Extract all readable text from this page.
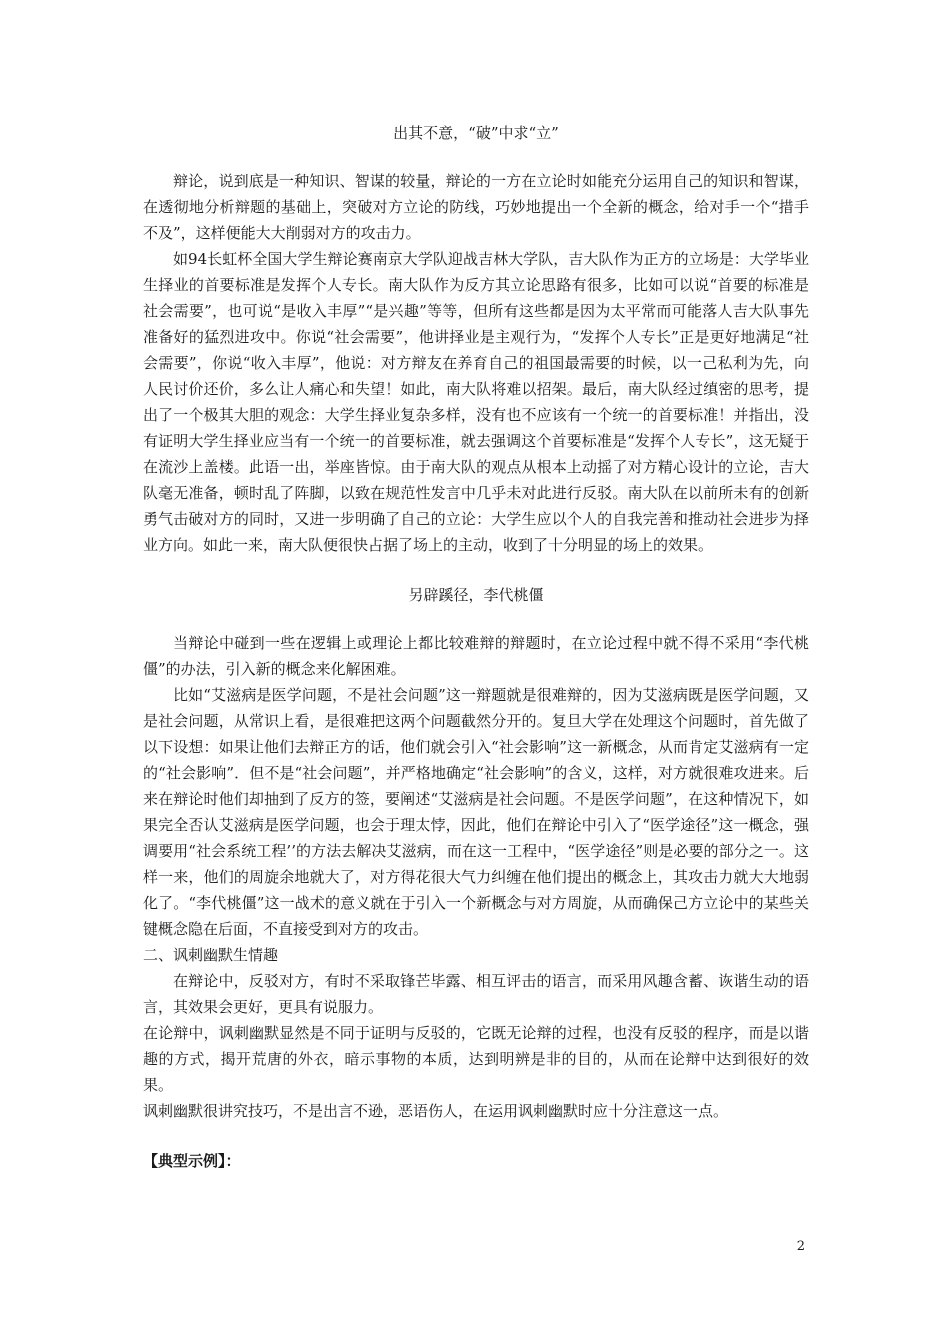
出其不意，“破”中求“立”

辩论，说到底是一种知识、智谋的较量，辩论的一方在立论时如能充分运用自己的知识和智谋，在透彻地分析辩题的基础上，突破对方立论的防线，巧妙地提出一个全新的概念，给对手一个“措手不及”，这样便能大大削弱对方的攻击力。

如94长虹杯全国大学生辩论赛南京大学队迎战吉林大学队，吉大队作为正方的立场是：大学毕业生择业的首要标准是发挥个人专长。南大队作为反方其立论思路有很多，比如可以说“首要的标准是社会需要”，也可说“是收入丰厚”“是兴趣”等等，但所有这些都是因为太平常而可能落人吉大队事先准备好的猛烈进攻中。你说“社会需要”，他讲择业是主观行为，“发挥个人专长”正是更好地满足“社会需要”，你说“收入丰厚”，他说：对方辩友在养育自己的祖国最需要的时候，以一己私利为先，向人民讨价还价，多么让人痛心和失望！如此，南大队将难以招架。最后，南大队经过缜密的思考，提出了一个极其大胆的观念：大学生择业复杂多样，没有也不应该有一个统一的首要标准！并指出，没有证明大学生择业应当有一个统一的首要标准，就去强调这个首要标准是“发挥个人专长”，这无疑于在流沙上盖楼。此语一出，举座皆惊。由于南大队的观点从根本上动摇了对方精心设计的立论，吉大队毫无准备，顿时乱了阵脚，以致在规范性发言中几乎未对此进行反驳。南大队在以前所未有的创新勇气击破对方的同时，又进一步明确了自己的立论：大学生应以个人的自我完善和推动社会进步为择业方向。如此一来，南大队便很快占据了场上的主动，收到了十分明显的场上的效果。

另辟蹊径，李代桃僵

当辩论中碰到一些在逻辑上或理论上都比较难辩的辩题时，在立论过程中就不得不采用“李代桃僵”的办法，引入新的概念来化解困难。

比如“艾滋病是医学问题，不是社会问题”这一辩题就是很难辩的，因为艾滋病既是医学问题，又是社会问题，从常识上看，是很难把这两个问题截然分开的。复旦大学在处理这个问题时，首先做了以下设想：如果让他们去辩正方的话，他们就会引入“社会影响”这一新概念，从而肯定艾滋病有一定的“社会影响”．但不是“社会问题”，并严格地确定“社会影响”的含义，这样，对方就很难攻进来。后来在辩论时他们却抽到了反方的签，要阐述“艾滋病是社会问题。不是医学问题”，在这种情况下，如果完全否认艾滋病是医学问题，也会于理太悖，因此，他们在辩论中引入了“医学途径”这一概念，强调要用“社会系统工程’’的方法去解决艾滋病，而在这一工程中，“医学途径”则是必要的部分之一。这样一来，他们的周旋余地就大了，对方得花很大气力纠缠在他们提出的概念上，其攻击力就大大地弱化了。“李代桃僵”这一战术的意义就在于引入一个新概念与对方周旋，从而确保己方立论中的某些关键概念隐在后面，不直接受到对方的攻击。

二、讽刺幽默生情趣

在辩论中，反驳对方，有时不采取锋芒毕露、相互评击的语言，而采用风趣含蓄、诙谐生动的语言，其效果会更好，更具有说服力。

在论辩中，讽刺幽默显然是不同于证明与反驳的，它既无论辩的过程，也没有反驳的程序，而是以谐趣的方式，揭开荒唐的外衣，暗示事物的本质，达到明辨是非的目的，从而在论辩中达到很好的效果。

讽刺幽默很讲究技巧，不是出言不逊，恶语伤人，在运用讽刺幽默时应十分注意这一点。

【典型示例】：

2
